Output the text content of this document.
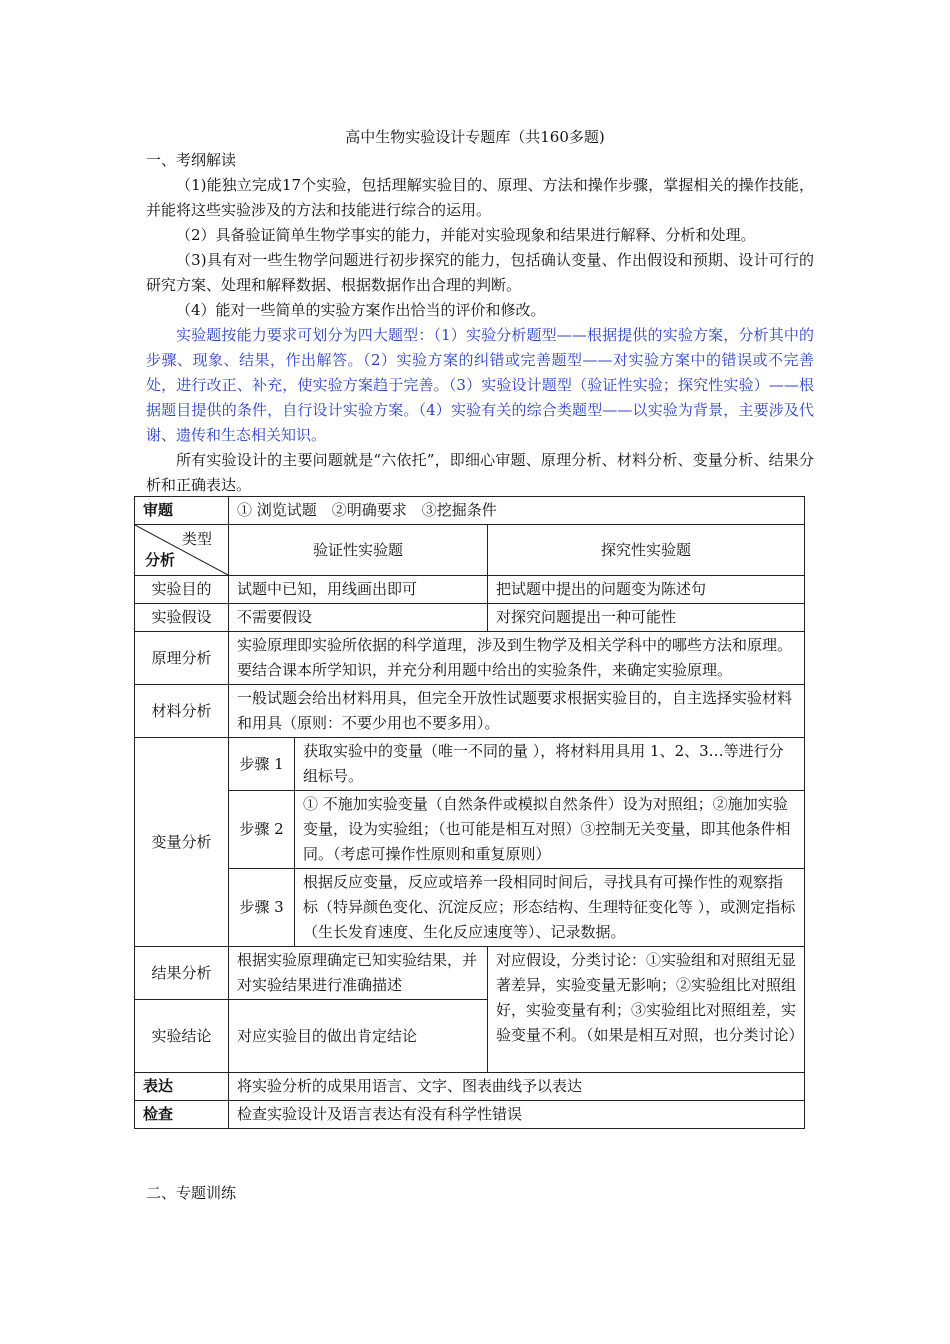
高中生物实验设计专题库（共160多题)
一、考纲解读
（1)能独立完成17个实验，包括理解实验目的、原理、方法和操作步骤，掌握相关的操作技能，并能将这些实验涉及的方法和技能进行综合的运用。
（2）具备验证简单生物学事实的能力，并能对实验现象和结果进行解释、分析和处理。
（3)具有对一些生物学问题进行初步探究的能力，包括确认变量、作出假设和预期、设计可行的研究方案、处理和解释数据、根据数据作出合理的判断。
（4）能对一些简单的实验方案作出恰当的评价和修改。
实验题按能力要求可划分为四大题型：（1）实验分析题型——根据提供的实验方案，分析其中的步骤、现象、结果，作出解答。（2）实验方案的纠错或完善题型——对实验方案中的错误或不完善处，进行改正、补充，使实验方案趋于完善。（3）实验设计题型（验证性实验；探究性实验）——根据题目提供的条件，自行设计实验方案。（4）实验有关的综合类题型——以实验为背景，主要涉及代谢、遗传和生态相关知识。
所有实验设计的主要问题就是“六依托”，即细心审题、原理分析、材料分析、变量分析、结果分析和正确表达。
审题	① 浏览试题　②明确要求　③挖掘条件		

类型
分析	验证性实验题		探究性实验题
实验目的	试题中已知，用线画出即可		把试题中提出的问题变为陈述句
实验假设	不需要假设		对探究问题提出一种可能性
原理分析	实验原理即实验所依据的科学道理，涉及到生物学及相关学科中的哪些方法和原理。要结合课本所学知识，并充分利用题中给出的实验条件，来确定实验原理。		
材料分析	一般试题会给出材料用具，但完全开放性试题要求根据实验目的，自主选择实验材料和用具（原则：不要少用也不要多用）。		
变量分析	步骤 1	获取实验中的变量（唯一不同的量 ），将材料用具用 1、2、3…等进行分组标号。	
	步骤 2	① 不施加实验变量（自然条件或模拟自然条件）设为对照组；②施加实验变量，设为实验组；（也可能是相互对照）③控制无关变量，即其他条件相同。（考虑可操作性原则和重复原则）	
	步骤 3	根据反应变量，反应或培养一段相同时间后，寻找具有可操作性的观察指标（特异颜色变化、沉淀反应；形态结构、生理特征变化等 ），或测定指标（生长发育速度、生化反应速度等）、记录数据。	
结果分析	根据实验原理确定已知实验结果，并对实验结果进行准确描述		对应假设，分类讨论：①实验组和对照组无显著差异，实验变量无影响；②实验组比对照组好，实验变量有利；③实验组比对照组差，实验变量不利。（如果是相互对照，也分类讨论）
实验结论	对应实验目的做出肯定结论		
表达	将实验分析的成果用语言、文字、图表曲线予以表达		
检查	检查实验设计及语言表达有没有科学性错误		
二、专题训练
